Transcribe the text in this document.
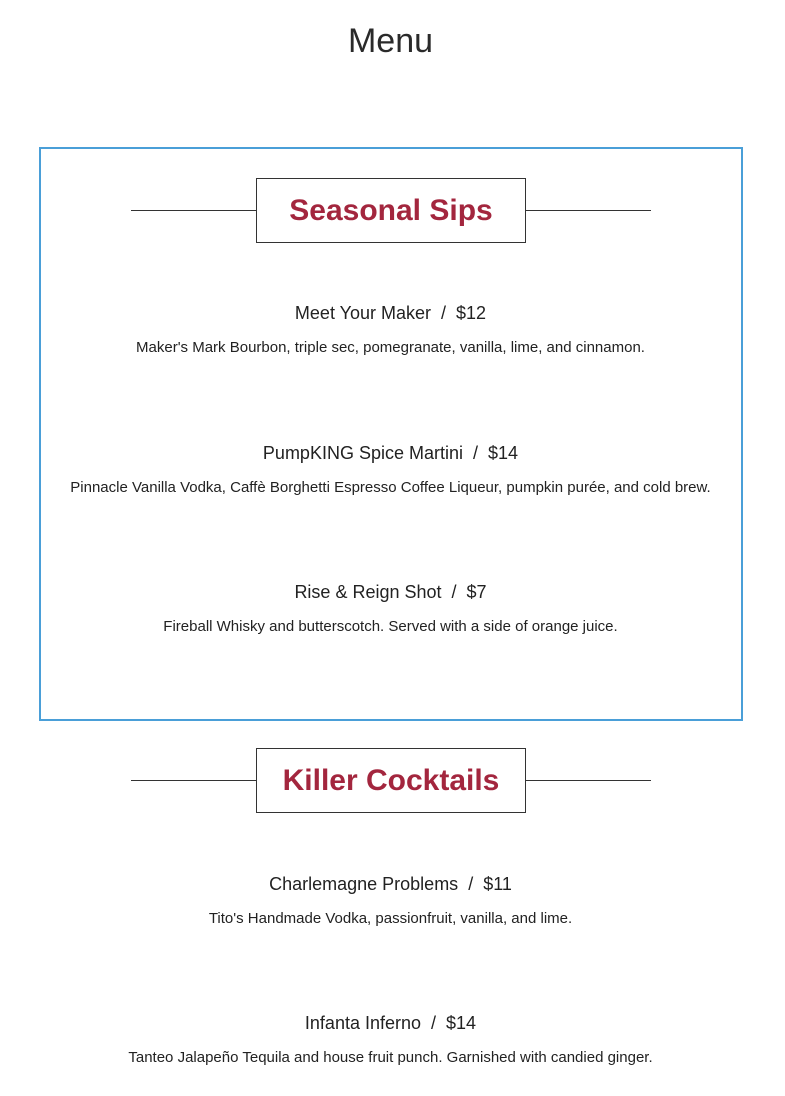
Menu
Seasonal Sips
Meet Your Maker / $12
Maker's Mark Bourbon, triple sec, pomegranate, vanilla, lime, and cinnamon.
PumpKING Spice Martini / $14
Pinnacle Vanilla Vodka, Caffè Borghetti Espresso Coffee Liqueur, pumpkin purée, and cold brew.
Rise & Reign Shot / $7
Fireball Whisky and butterscotch. Served with a side of orange juice.
Killer Cocktails
Charlemagne Problems / $11
Tito's Handmade Vodka, passionfruit, vanilla, and lime.
Infanta Inferno / $14
Tanteo Jalapeño Tequila and house fruit punch. Garnished with candied ginger.
